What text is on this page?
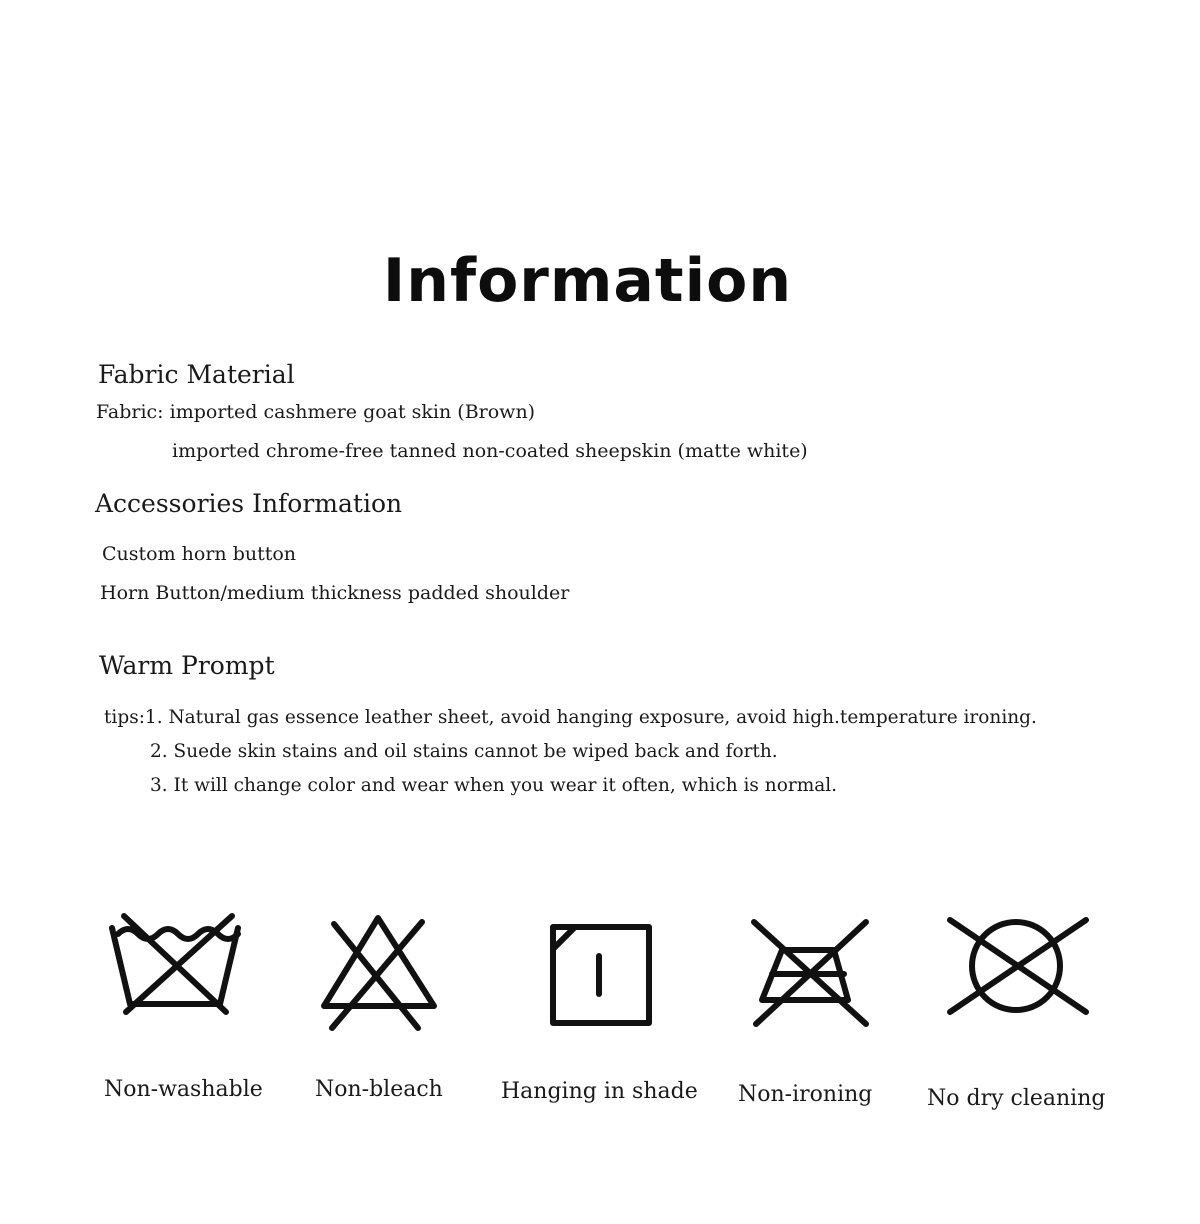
Information
Fabric Material
Fabric: imported cashmere goat skin (Brown)
imported chrome-free tanned non-coated sheepskin (matte white)
Accessories Information
Custom horn button
Horn Button/medium thickness padded shoulder
Warm Prompt
tips:1. Natural gas essence leather sheet, avoid hanging exposure, avoid high.temperature ironing.
2. Suede skin stains and oil stains cannot be wiped back and forth.
3. It will change color and wear when you wear it often, which is normal.
Non-washable Non-bleach	Hanging in shade Non-ironing No dry cleaning
